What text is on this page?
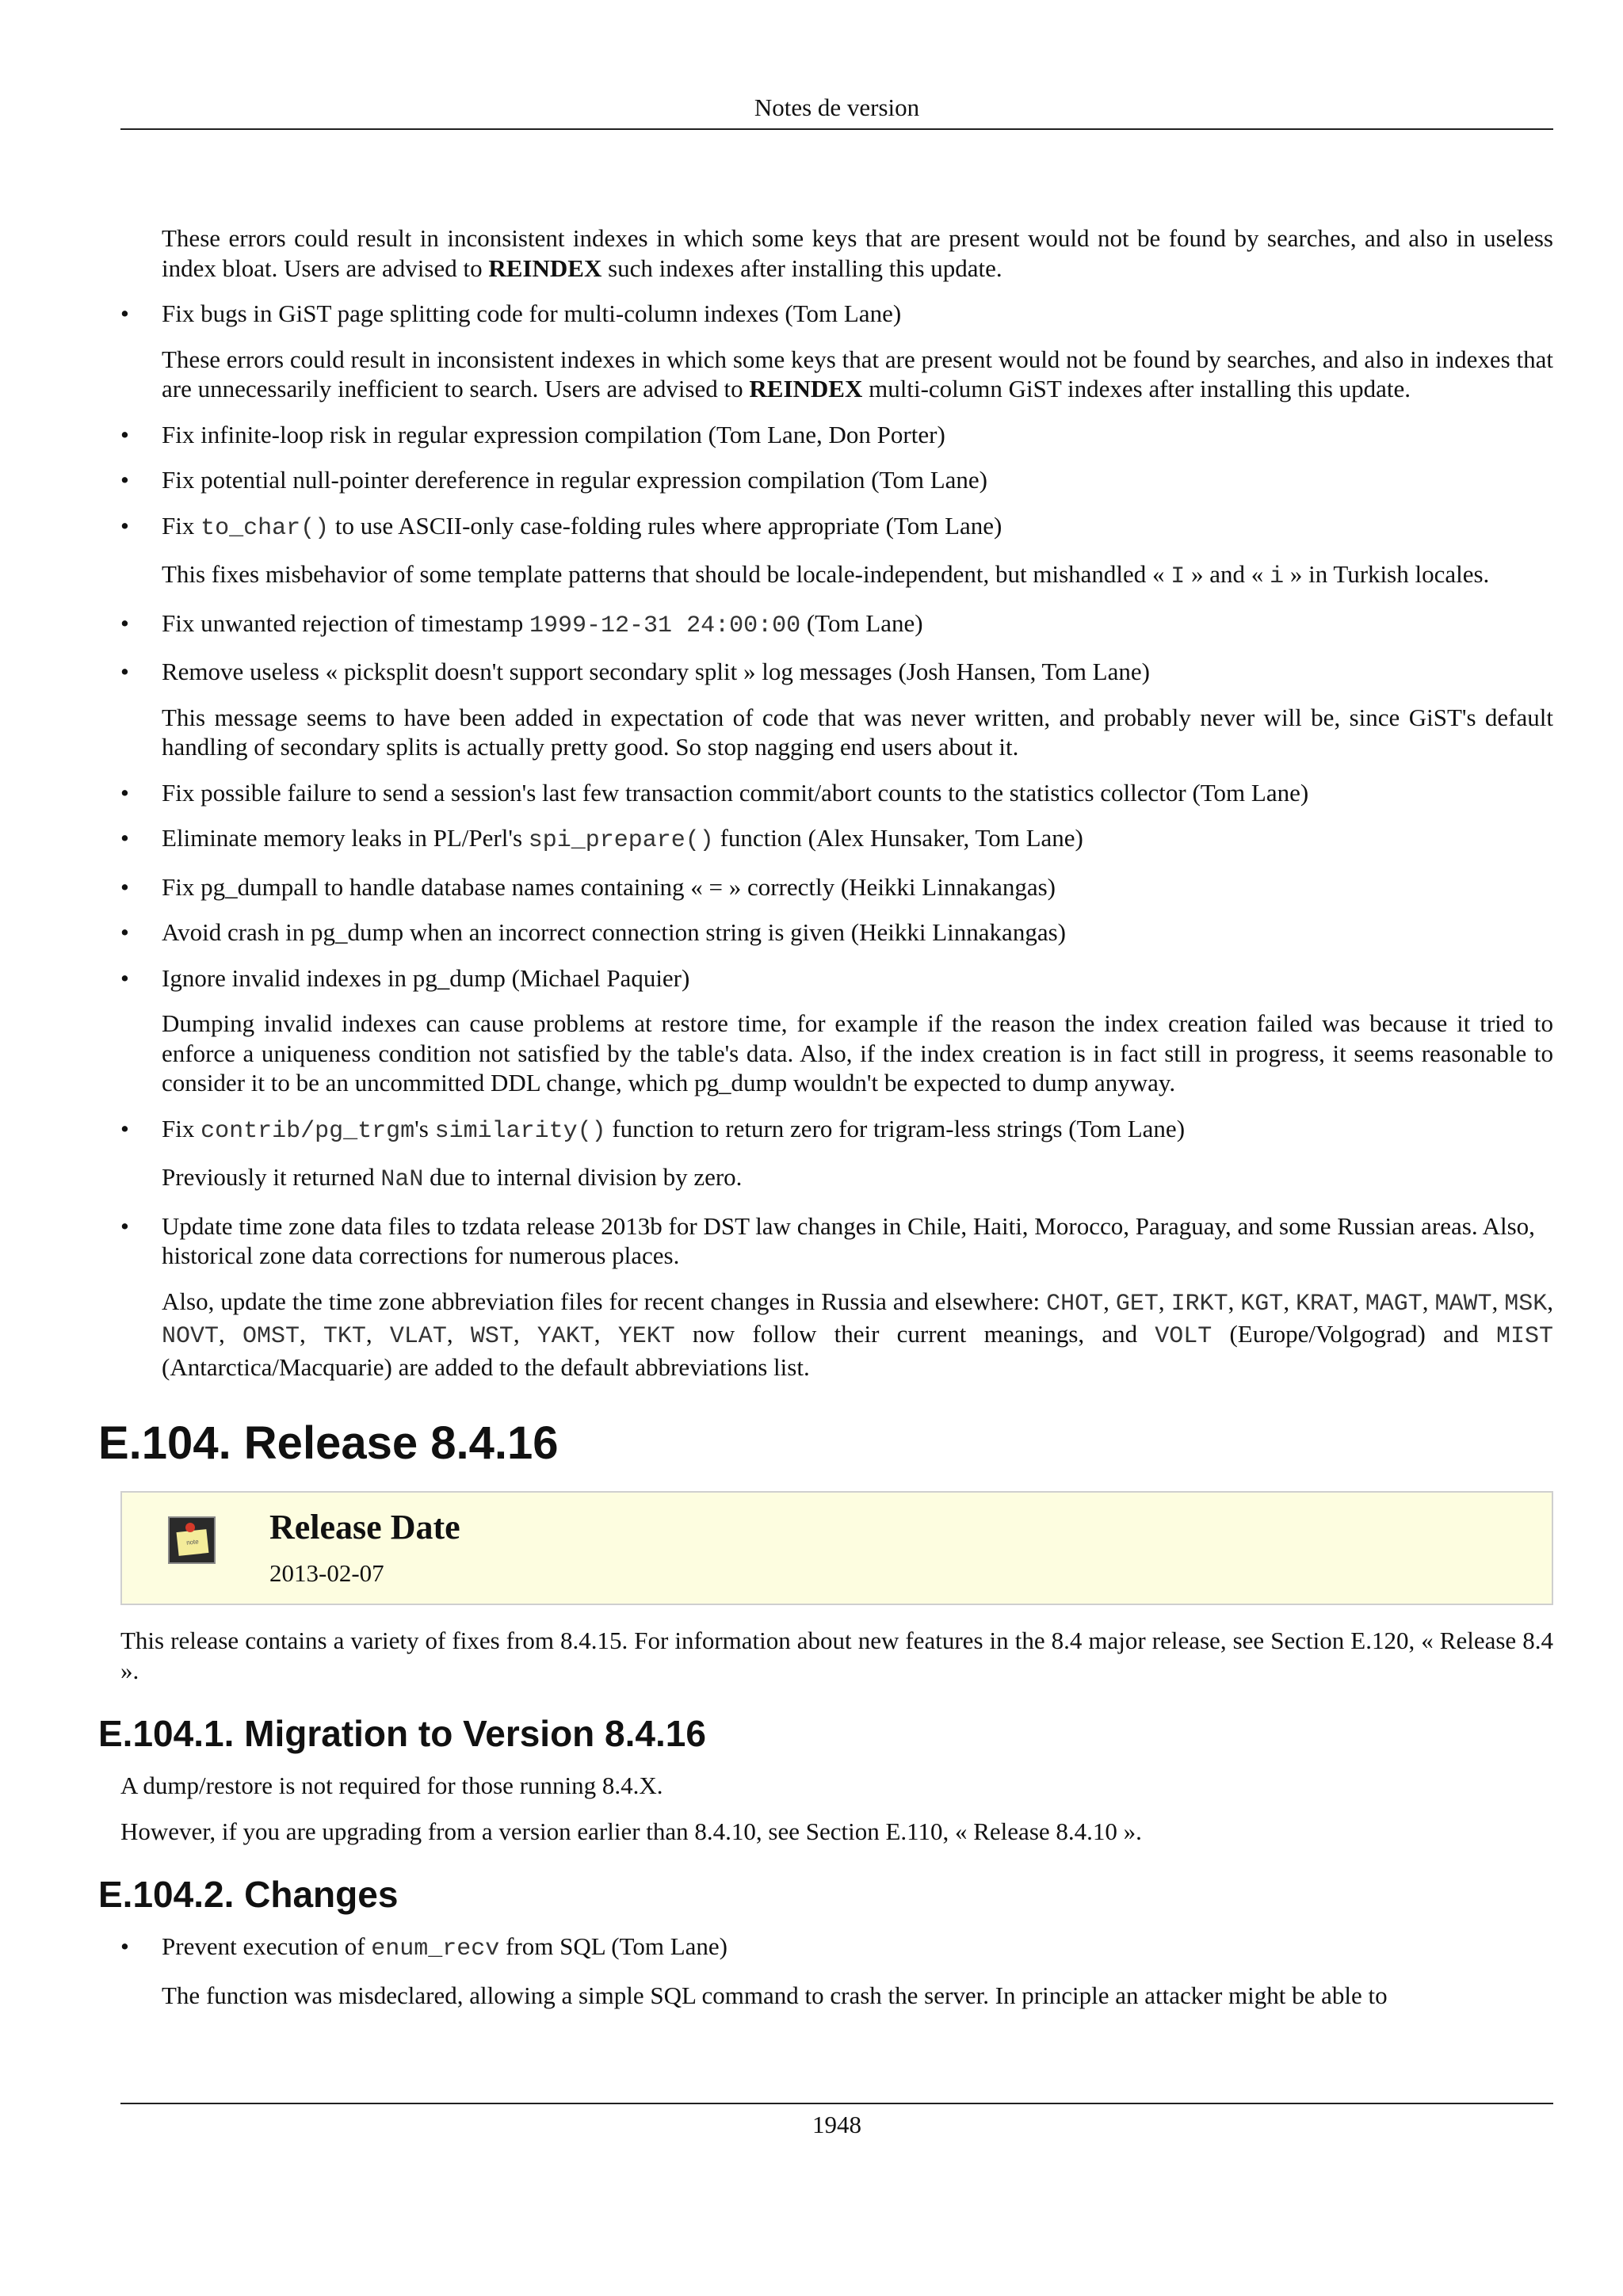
Notes de version

These errors could result in inconsistent indexes in which some keys that are present would not be found by searches, and also in useless index bloat. Users are advised to REINDEX such indexes after installing this update.

• Fix bugs in GiST page splitting code for multi-column indexes (Tom Lane)

These errors could result in inconsistent indexes in which some keys that are present would not be found by searches, and also in indexes that are unnecessarily inefficient to search. Users are advised to REINDEX multi-column GiST indexes after installing this update.

• Fix infinite-loop risk in regular expression compilation (Tom Lane, Don Porter)
• Fix potential null-pointer dereference in regular expression compilation (Tom Lane)
• Fix to_char() to use ASCII-only case-folding rules where appropriate (Tom Lane)

This fixes misbehavior of some template patterns that should be locale-independent, but mishandled « I » and « i » in Turkish locales.

• Fix unwanted rejection of timestamp 1999-12-31 24:00:00 (Tom Lane)
• Remove useless « picksplit doesn't support secondary split » log messages (Josh Hansen, Tom Lane)

This message seems to have been added in expectation of code that was never written, and probably never will be, since GiST's default handling of secondary splits is actually pretty good. So stop nagging end users about it.

• Fix possible failure to send a session's last few transaction commit/abort counts to the statistics collector (Tom Lane)
• Eliminate memory leaks in PL/Perl's spi_prepare() function (Alex Hunsaker, Tom Lane)
• Fix pg_dumpall to handle database names containing « = » correctly (Heikki Linnakangas)
• Avoid crash in pg_dump when an incorrect connection string is given (Heikki Linnakangas)
• Ignore invalid indexes in pg_dump (Michael Paquier)

Dumping invalid indexes can cause problems at restore time, for example if the reason the index creation failed was because it tried to enforce a uniqueness condition not satisfied by the table's data. Also, if the index creation is in fact still in progress, it seems reasonable to consider it to be an uncommitted DDL change, which pg_dump wouldn't be expected to dump anyway.

• Fix contrib/pg_trgm's similarity() function to return zero for trigram-less strings (Tom Lane)

Previously it returned NaN due to internal division by zero.

• Update time zone data files to tzdata release 2013b for DST law changes in Chile, Haiti, Morocco, Paraguay, and some Russian areas. Also, historical zone data corrections for numerous places.

Also, update the time zone abbreviation files for recent changes in Russia and elsewhere: CHOT, GET, IRKT, KGT, KRAT, MAGT, MAWT, MSK, NOVT, OMST, TKT, VLAT, WST, YAKT, YEKT now follow their current meanings, and VOLT (Europe/Volgograd) and MIST (Antarctica/Macquarie) are added to the default abbreviations list.

E.104. Release 8.4.16
note Release Date
2013-02-07

This release contains a variety of fixes from 8.4.15. For information about new features in the 8.4 major release, see Section E.120, « Release 8.4 ».

E.104.1. Migration to Version 8.4.16

A dump/restore is not required for those running 8.4.X.

However, if you are upgrading from a version earlier than 8.4.10, see Section E.110, « Release 8.4.10 ».

E.104.2. Changes
• Prevent execution of enum_recv from SQL (Tom Lane)

The function was misdeclared, allowing a simple SQL command to crash the server. In principle an attacker might be able to

1948
